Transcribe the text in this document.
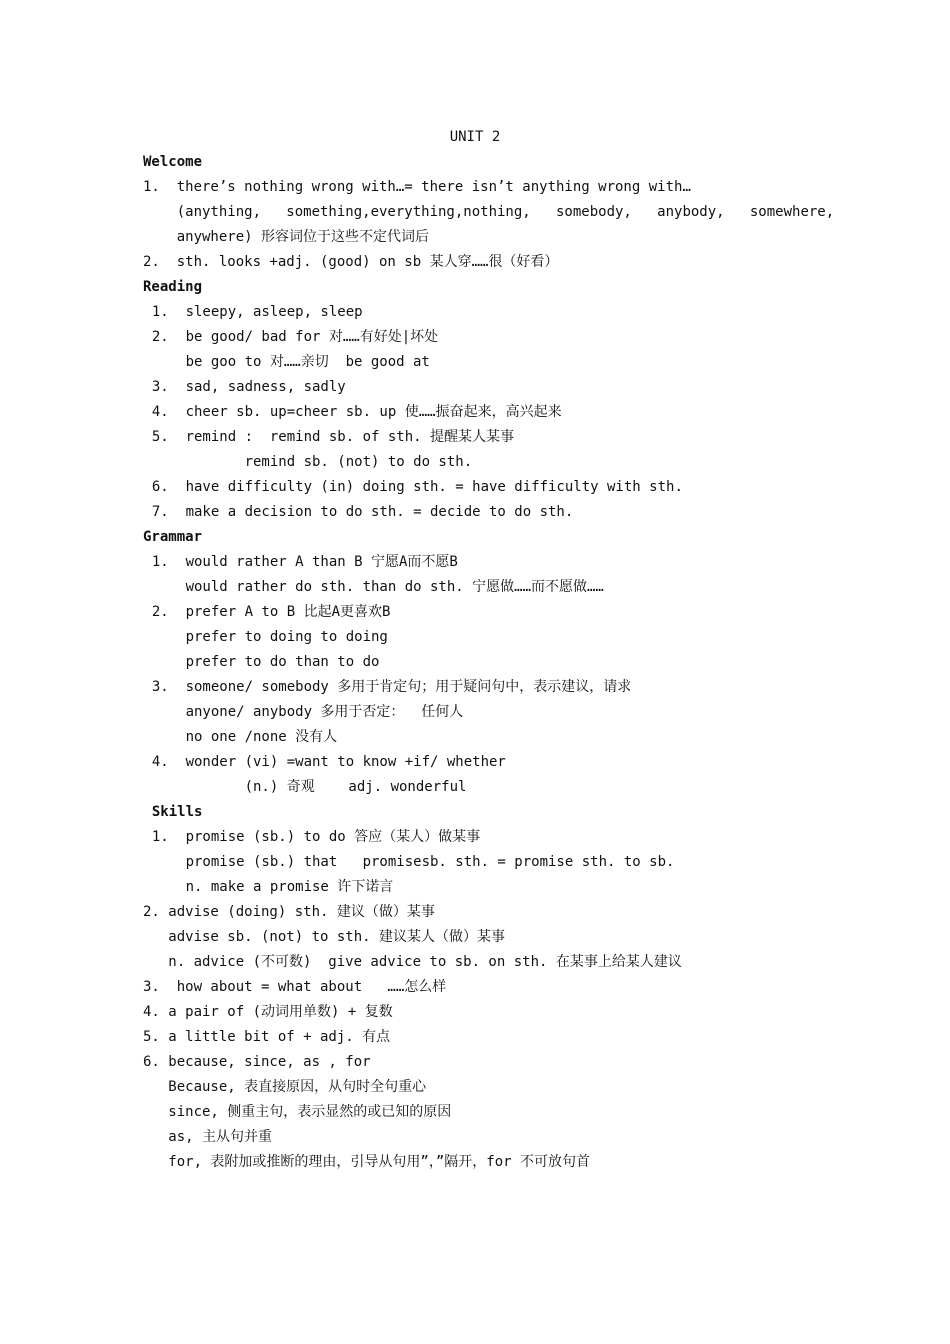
UNIT 2
Welcome
1.  there’s nothing wrong with…= there isn’t anything wrong with…
(anything,   something,everything,nothing,   somebody,   anybody,   somewhere,
anywhere) 形容词位于这些不定代词后
2.  sth. looks +adj. (good) on sb 某人穿……很（好看）
Reading
1.  sleepy, asleep, sleep
2.  be good/ bad for 对……有好处|坏处
be goo to 对……亲切  be good at
3.  sad, sadness, sadly
4.  cheer sb. up=cheer sb. up 使……振奋起来，高兴起来
5.  remind :  remind sb. of sth. 提醒某人某事
remind sb. (not) to do sth.
6.  have difficulty (in) doing sth. = have difficulty with sth.
7.  make a decision to do sth. = decide to do sth.
Grammar
1.  would rather A than B 宁愿A而不愿B
would rather do sth. than do sth. 宁愿做……而不愿做……
2.  prefer A to B 比起A更喜欢B
prefer to doing to doing
prefer to do than to do
3.  someone/ somebody 多用于肯定句；用于疑问句中，表示建议，请求
anyone/ anybody 多用于否定：  任何人
no one /none 没有人
4.  wonder (vi) =want to know +if/ whether
(n.) 奇观    adj. wonderful
Skills
1.  promise (sb.) to do 答应（某人）做某事
promise (sb.) that   promisesb. sth. = promise sth. to sb.
n. make a promise 许下诺言
2. advise (doing) sth. 建议（做）某事
advise sb. (not) to sth. 建议某人（做）某事
n. advice (不可数)  give advice to sb. on sth. 在某事上给某人建议
3.  how about = what about   ……怎么样
4. a pair of (动词用单数) + 复数
5. a little bit of + adj. 有点
6. because, since, as , for
Because, 表直接原因，从句时全句重心
since, 侧重主句，表示显然的或已知的原因
as, 主从句并重
for, 表附加或推断的理由，引导从句用”，”隔开，for 不可放句首
